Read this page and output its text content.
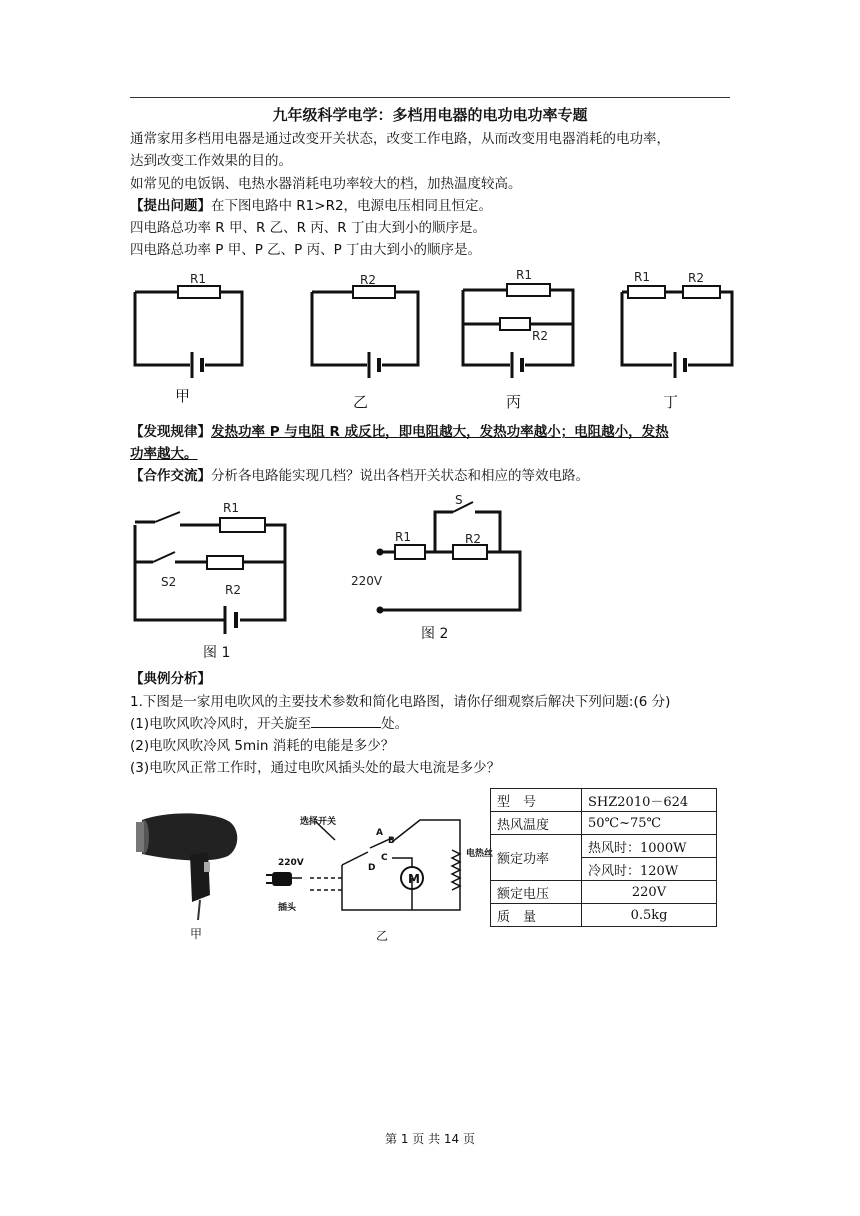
九年级科学电学：多档用电器的电功电功率专题
通常家用多档用电器是通过改变开关状态，改变工作电路，从而改变用电器消耗的电功率，
达到改变工作效果的目的。
如常见的电饭锅、电热水器消耗电功率较大的档，加热温度较高。
【提出问题】在下图电路中 R1>R2，电源电压相同且恒定。
四电路总功率 R 甲、R 乙、R 丙、R 丁由大到小的顺序是。
四电路总功率 P 甲、P 乙、P 丙、P 丁由大到小的顺序是。
R1	R2	R1
R2
R1	R2
甲	乙	丙	丁
【发现规律】发热功率 P 与电阻 R 成反比，即电阻越大，发热功率越小；电阻越小，发热
功率越大。
【合作交流】分析各电路能实现几档？说出各档开关状态和相应的等效电路。
R1
S2
R2
S
R1	R2
220V
图 1
图 2
【典例分析】
1.下图是一家用电吹风的主要技术参数和简化电路图，请你仔细观察后解决下列问题:(6 分)
(1)电吹风吹冷风时，开关旋至	处。
(2)电吹风吹冷风 5min 消耗的电能是多少？
(3)电吹风正常工作时，通过电吹风插头处的最大电流是多少？
甲
选择开关
220V
插头
M
A
B
C
D
电热丝
乙
型　号	SHZ2010－624
热风温度	50℃~75℃
额定功率	热风时：1000W
	冷风时：120W
额定电压	220V
质　量	0.5kg
第 1 页 共 14 页
